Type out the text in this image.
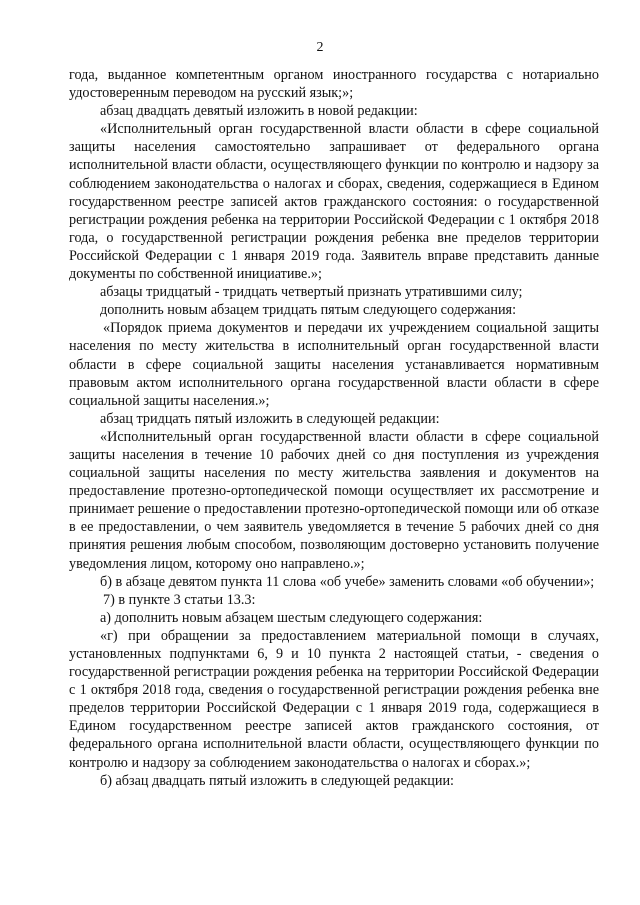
2

года, выданное компетентным органом иностранного государства с нотариально удостоверенным переводом на русский язык;»;

абзац двадцать девятый изложить в новой редакции:

«Исполнительный орган государственной власти области в сфере социальной защиты населения самостоятельно запрашивает от федерального органа исполнительной власти области, осуществляющего функции по контролю и надзору за соблюдением законодательства о налогах и сборах, сведения, содержащиеся в Едином государственном реестре записей актов гражданского состояния: о государственной регистрации рождения ребенка на территории Российской Федерации с 1 октября 2018 года, о государственной регистрации рождения ребенка вне пределов территории Российской Федерации с 1 января 2019 года. Заявитель вправе представить данные документы по собственной инициативе.»;

абзацы тридцатый - тридцать четвертый признать утратившими силу;

дополнить новым абзацем тридцать пятым следующего содержания:

«Порядок приема документов и передачи их учреждением социальной защиты населения по месту жительства в исполнительный орган государственной власти области в сфере социальной защиты населения устанавливается нормативным правовым актом исполнительного органа государственной власти области в сфере социальной защиты населения.»;

абзац тридцать пятый изложить в следующей редакции:

«Исполнительный орган государственной власти области в сфере социальной защиты населения в течение 10 рабочих дней со дня поступления из учреждения социальной защиты населения по месту жительства заявления и документов на предоставление протезно-ортопедической помощи осуществляет их рассмотрение и принимает решение о предоставлении протезно-ортопедической помощи или об отказе в ее предоставлении, о чем заявитель уведомляется в течение 5 рабочих дней со дня принятия решения любым способом, позволяющим достоверно установить получение уведомления лицом, которому оно направлено.»;

б) в абзаце девятом пункта 11 слова «об учебе» заменить словами «об обучении»;

7) в пункте 3 статьи 13.3:

а) дополнить новым абзацем шестым следующего содержания:

«г) при обращении за предоставлением материальной помощи в случаях, установленных подпунктами 6, 9 и 10 пункта 2 настоящей статьи, - сведения о государственной регистрации рождения ребенка на территории Российской Федерации с 1 октября 2018 года, сведения о государственной регистрации рождения ребенка вне пределов территории Российской Федерации с 1 января 2019 года, содержащиеся в Едином государственном реестре записей актов гражданского состояния, от федерального органа исполнительной власти области, осуществляющего функции по контролю и надзору за соблюдением законодательства о налогах и сборах.»;

б) абзац двадцать пятый изложить в следующей редакции:
